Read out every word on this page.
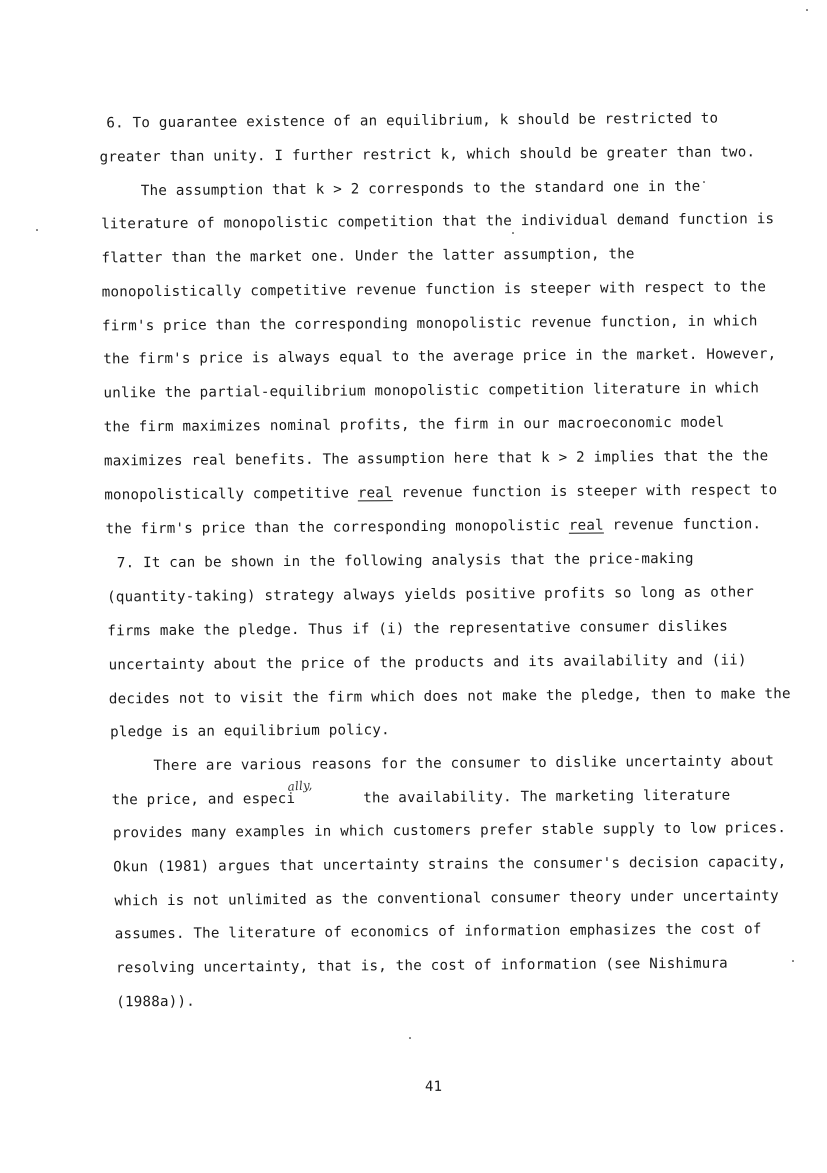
6. To guarantee existence of an equilibrium, k should be restricted to
greater than unity. I further restrict k, which should be greater than two.
The assumption that k > 2 corresponds to the standard one in the
literature of monopolistic competition that the individual demand function is
flatter than the market one. Under the latter assumption, the
monopolistically competitive revenue function is steeper with respect to the
firm's price than the corresponding monopolistic revenue function, in which
the firm's price is always equal to the average price in the market. However,
unlike the partial-equilibrium monopolistic competition literature in which
the firm maximizes nominal profits, the firm in our macroeconomic model
maximizes real benefits. The assumption here that k > 2 implies that the the
monopolistically competitive real revenue function is steeper with respect to
the firm's price than the corresponding monopolistic real revenue function.
7. It can be shown in the following analysis that the price-making
(quantity-taking) strategy always yields positive profits so long as other
firms make the pledge. Thus if (i) the representative consumer dislikes
uncertainty about the price of the products and its availability and (ii)
decides not to visit the firm which does not make the pledge, then to make the
pledge is an equilibrium policy.
There are various reasons for the consumer to dislike uncertainty about
the price, and especi	the availability. The marketing literature
ally,
provides many examples in which customers prefer stable supply to low prices.
Okun (1981) argues that uncertainty strains the consumer's decision capacity,
which is not unlimited as the conventional consumer theory under uncertainty
assumes. The literature of economics of information emphasizes the cost of
resolving uncertainty, that is, the cost of information (see Nishimura
(1988a)).
41
